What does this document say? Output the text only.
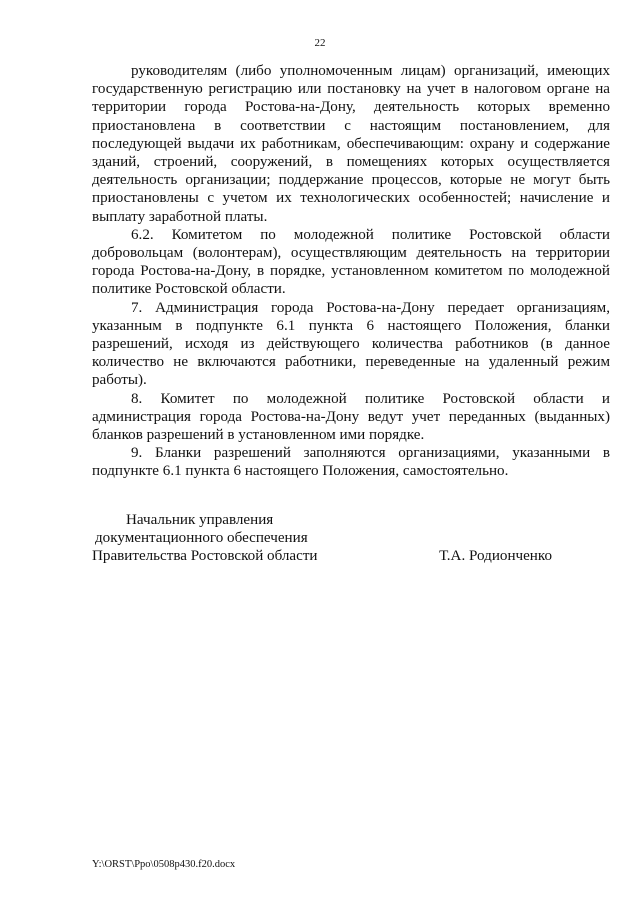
22

руководителям (либо уполномоченным лицам) организаций, имеющих государственную регистрацию или постановку на учет в налоговом органе на территории города Ростова-на-Дону, деятельность которых временно приостановлена в соответствии с настоящим постановлением, для последующей выдачи их работникам, обеспечивающим: охрану и содержание зданий, строений, сооружений, в помещениях которых осуществляется деятельность организации; поддержание процессов, которые не могут быть приостановлены с учетом их технологических особенностей; начисление и выплату заработной платы.

6.2. Комитетом по молодежной политике Ростовской области добровольцам (волонтерам), осуществляющим деятельность на территории города Ростова-на-Дону, в порядке, установленном комитетом по молодежной политике Ростовской области.

7. Администрация города Ростова-на-Дону передает организациям, указанным в подпункте 6.1 пункта 6 настоящего Положения, бланки разрешений, исходя из действующего количества работников (в данное количество не включаются работники, переведенные на удаленный режим работы).

8. Комитет по молодежной политике Ростовской области и администрация города Ростова-на-Дону ведут учет переданных (выданных) бланков разрешений в установленном ими порядке.

9. Бланки разрешений заполняются организациями, указанными в подпункте 6.1 пункта 6 настоящего Положения, самостоятельно.

Начальник управления
документационного обеспечения
Правительства Ростовской области	Т.А. Родионченко
Y:\ORST\Ppo\0508p430.f20.docx
